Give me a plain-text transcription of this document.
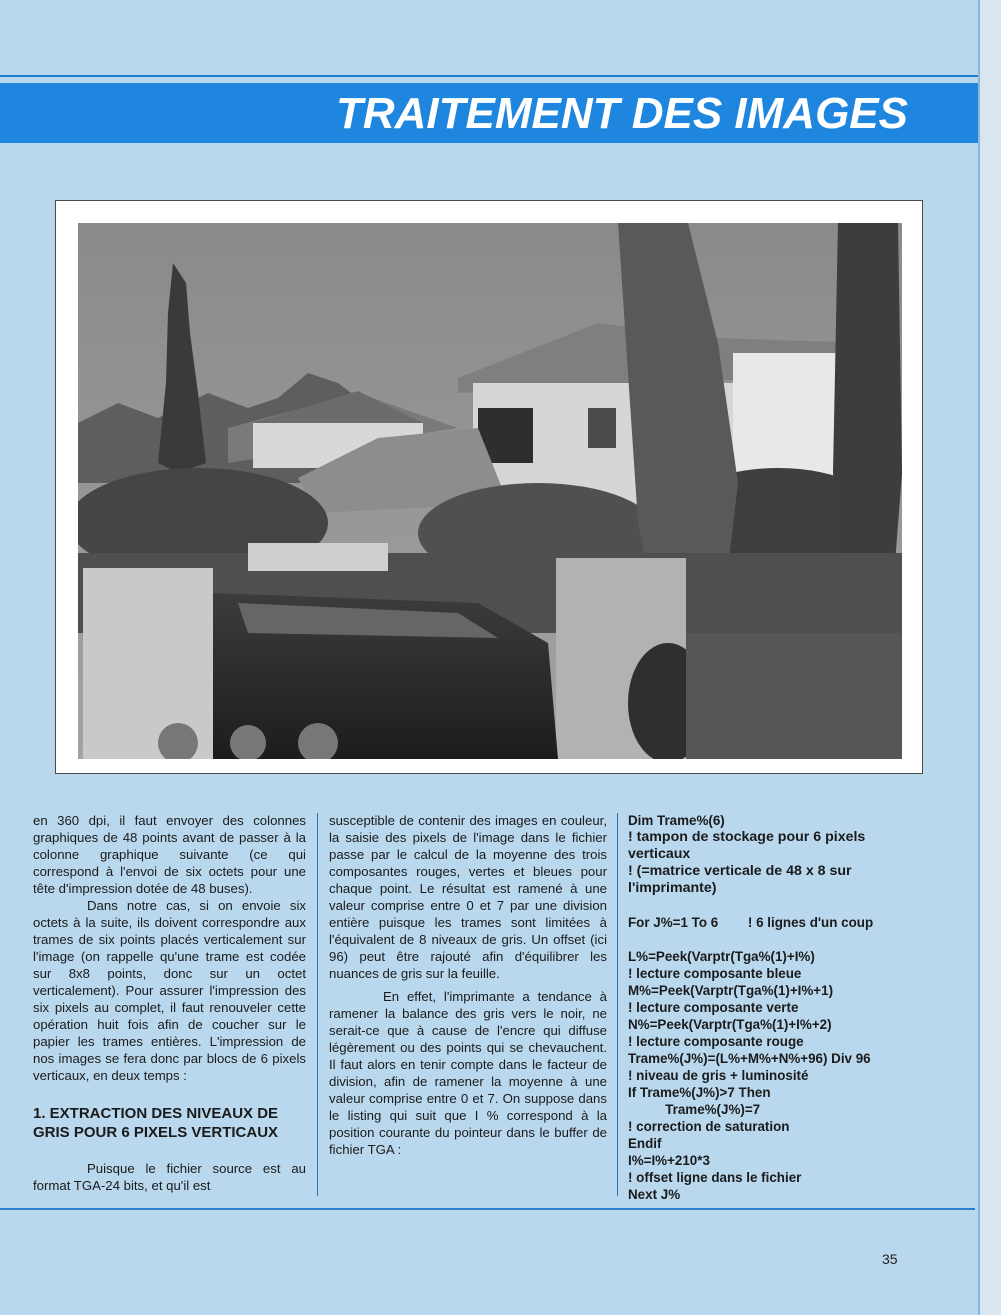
TRAITEMENT DES IMAGES

en 360 dpi, il faut envoyer des colonnes graphiques de 48 points avant de passer à la colonne graphique suivante (ce qui correspond à l'envoi de six octets pour une tête d'impression dotée de 48 buses).

Dans notre cas, si on envoie six octets à la suite, ils doivent correspondre aux trames de six points placés verticalement sur l'image (on rappelle qu'une trame est codée sur 8x8 points, donc sur un octet verticalement). Pour assurer l'impression des six pixels au complet, il faut renouveler cette opération huit fois afin de coucher sur le papier les trames entières. L'impression de nos images se fera donc par blocs de 6 pixels verticaux, en deux temps :

1. EXTRACTION DES NIVEAUX DE GRIS POUR 6 PIXELS VERTICAUX

Puisque le fichier source est au format TGA-24 bits, et qu'il est

susceptible de contenir des images en couleur, la saisie des pixels de l'image dans le fichier passe par le calcul de la moyenne des trois composantes rouges, vertes et bleues pour chaque point. Le résultat est ramené à une valeur comprise entre 0 et 7 par une division entière puisque les trames sont limitées à l'équivalent de 8 niveaux de gris. Un offset (ici 96) peut être rajouté afin d'équilibrer les nuances de gris sur la feuille.

En effet, l'imprimante a tendance à ramener la balance des gris vers le noir, ne serait-ce que à cause de l'encre qui diffuse légèrement ou des points qui se chevauchent. Il faut alors en tenir compte dans le facteur de division, afin de ramener la moyenne à une valeur comprise entre 0 et 7. On suppose dans le listing qui suit que I % correspond à la position courante du pointeur dans le buffer de fichier TGA :

Dim Trame%(6)
! tampon de stockage pour 6 pixels verticaux
! (=matrice verticale de 48 x 8 sur l'imprimante)
For J%=1 To 6        ! 6 lignes d'un coup
L%=Peek(Varptr(Tga%(1)+I%)
! lecture composante bleue
M%=Peek(Varptr(Tga%(1)+I%+1)
! lecture composante verte
N%=Peek(Varptr(Tga%(1)+I%+2)
! lecture composante rouge
Trame%(J%)=(L%+M%+N%+96) Div 96
! niveau de gris + luminosité
If Trame%(J%)>7 Then
Trame%(J%)=7
! correction de saturation
Endif
I%=I%+210*3
! offset ligne dans le fichier
Next J%
35
